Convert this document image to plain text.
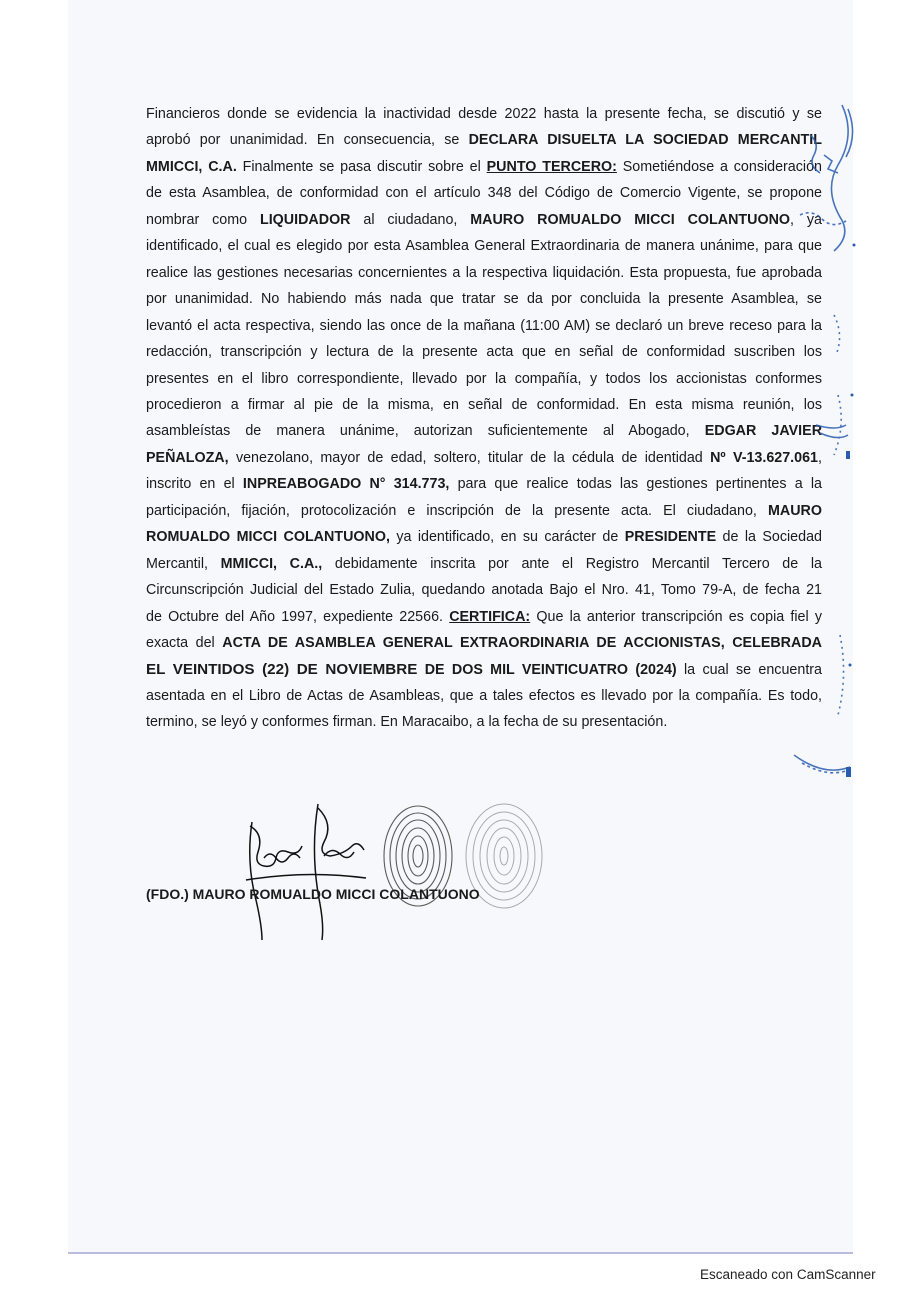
Financieros donde se evidencia la inactividad desde 2022 hasta la presente fecha, se discutió y se
aprobó por unanimidad. En consecuencia, se DECLARA DISUELTA LA SOCIEDAD MERCANTIL
MMICCI, C.A. Finalmente se pasa discutir sobre el PUNTO TERCERO: Sometiéndose a consideración
de esta Asamblea, de conformidad con el artículo 348 del Código de Comercio Vigente, se propone
nombrar como LIQUIDADOR al ciudadano, MAURO ROMUALDO MICCI COLANTUONO, ya
identificado, el cual es elegido por esta Asamblea General Extraordinaria de manera unánime, para que
realice las gestiones necesarias concernientes a la respectiva liquidación. Esta propuesta, fue aprobada
por unanimidad. No habiendo más nada que tratar se da por concluida la presente Asamblea, se
levantó el acta respectiva, siendo las once de la mañana (11:00 AM) se declaró un breve receso para la
redacción, transcripción y lectura de la presente acta que en señal de conformidad suscriben los
presentes en el libro correspondiente, llevado por la compañía, y todos los accionistas conformes
procedieron a firmar al pie de la misma, en señal de conformidad. En esta misma reunión, los
asambleístas de manera unánime, autorizan suficientemente al Abogado, EDGAR JAVIER
PEÑALOZA, venezolano, mayor de edad, soltero, titular de la cédula de identidad Nº V-13.627.061,
inscrito en el INPREABOGADO N° 314.773, para que realice todas las gestiones pertinentes a la
participación, fijación, protocolización e inscripción de la presente acta. El ciudadano, MAURO
ROMUALDO MICCI COLANTUONO, ya identificado, en su carácter de PRESIDENTE de la Sociedad
Mercantil, MMICCI, C.A., debidamente inscrita por ante el Registro Mercantil Tercero de la
Circunscripción Judicial del Estado Zulia, quedando anotada Bajo el Nro. 41, Tomo 79-A, de fecha 21
de Octubre del Año 1997, expediente 22566. CERTIFICA: Que la anterior transcripción es copia fiel y
exacta del ACTA DE ASAMBLEA GENERAL EXTRAORDINARIA DE ACCIONISTAS, CELEBRADA
EL VEINTIDOS (22) DE NOVIEMBRE DE DOS MIL VEINTICUATRO (2024) la cual se encuentra
asentada en el Libro de Actas de Asambleas, que a tales efectos es llevado por la compañía. Es todo,
termino, se leyó y conformes firman. En Maracaibo, a la fecha de su presentación.
(FDO.) MAURO ROMUALDO MICCI COLANTUONO
Escaneado con CamScanner
